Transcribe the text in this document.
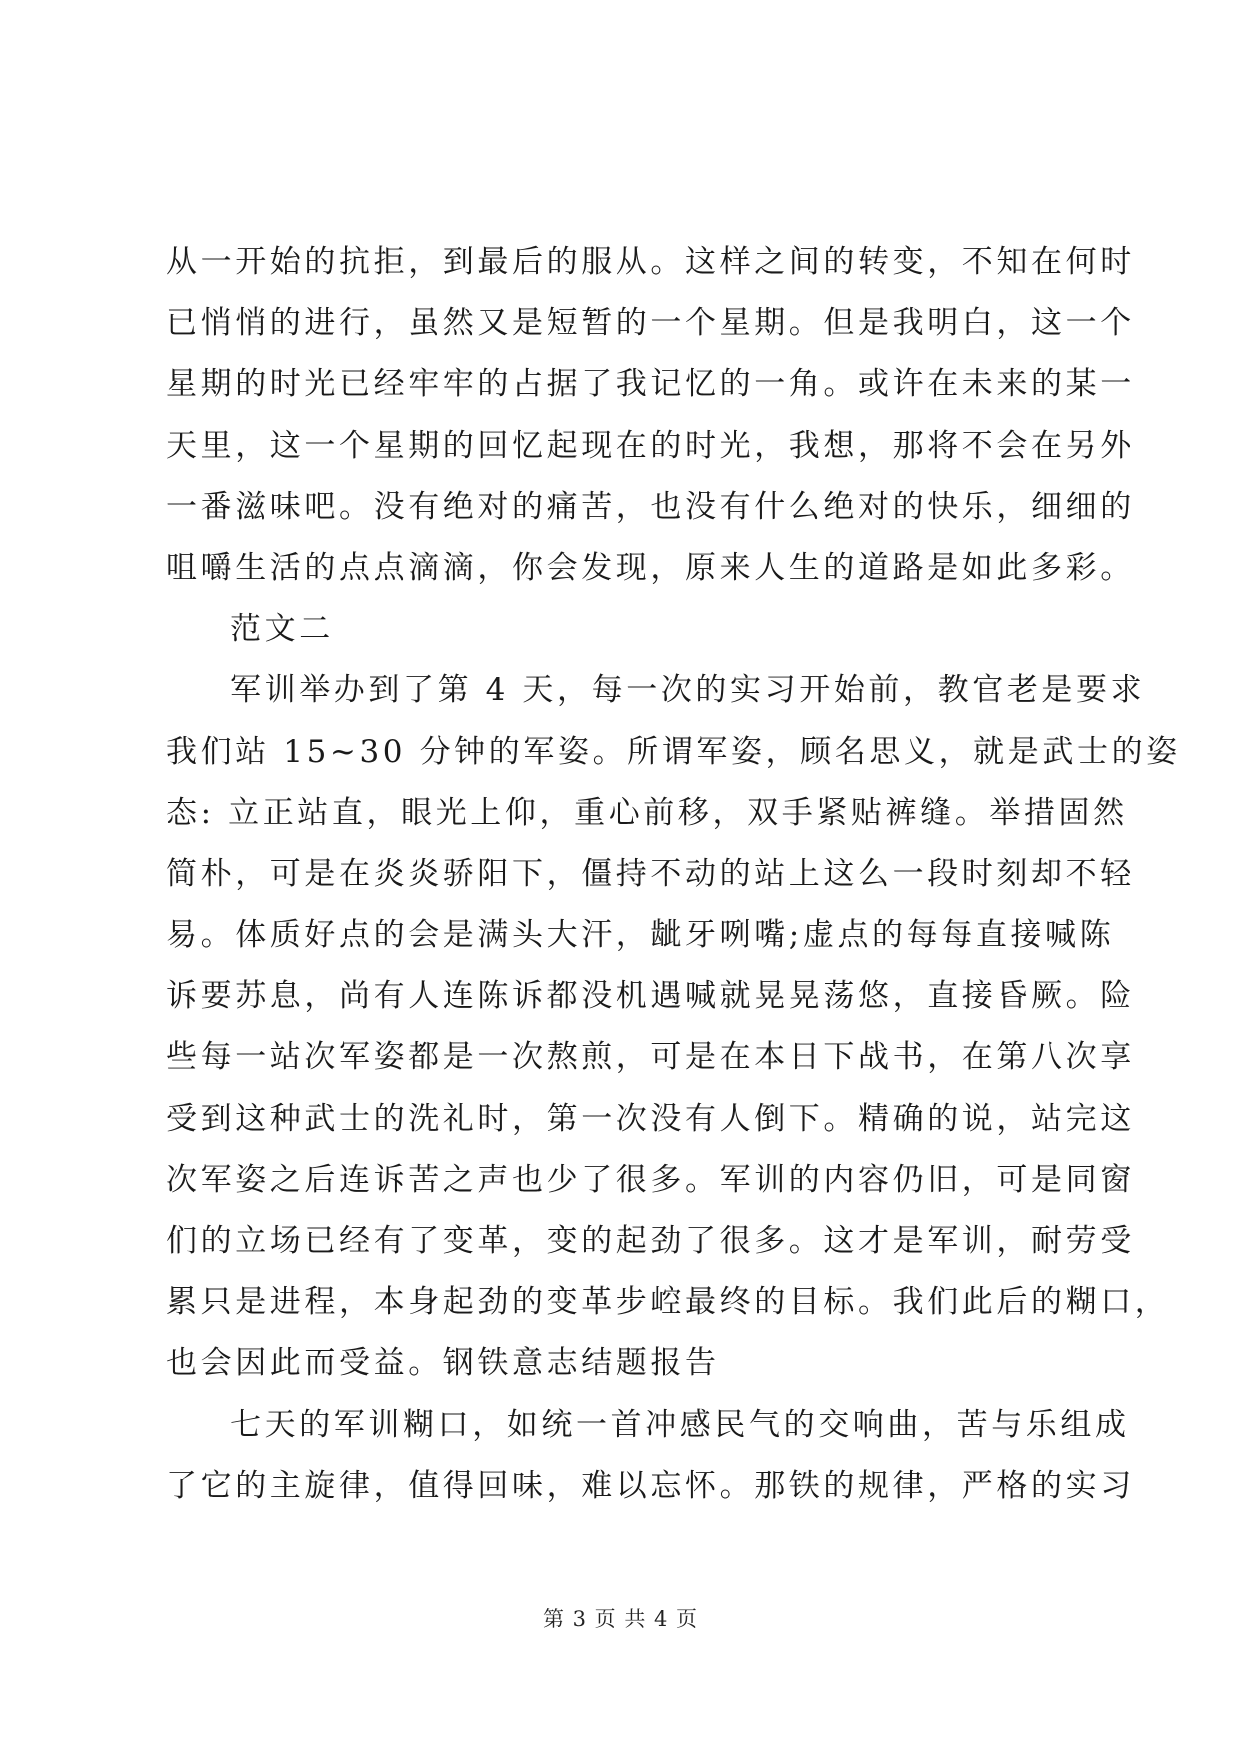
从一开始的抗拒，到最后的服从。这样之间的转变，不知在何时
已悄悄的进行，虽然又是短暂的一个星期。但是我明白，这一个
星期的时光已经牢牢的占据了我记忆的一角。或许在未来的某一
天里，这一个星期的回忆起现在的时光，我想，那将不会在另外
一番滋味吧。没有绝对的痛苦，也没有什么绝对的快乐，细细的
咀嚼生活的点点滴滴，你会发现，原来人生的道路是如此多彩。
范文二
军训举办到了第 4 天，每一次的实习开始前，教官老是要求
我们站 15~30 分钟的军姿。所谓军姿，顾名思义，就是武士的姿
态: 立正站直，眼光上仰，重心前移，双手紧贴裤缝。举措固然
简朴，可是在炎炎骄阳下，僵持不动的站上这么一段时刻却不轻
易。体质好点的会是满头大汗，龇牙咧嘴;虚点的每每直接喊陈
诉要苏息，尚有人连陈诉都没机遇喊就晃晃荡悠，直接昏厥。险
些每一站次军姿都是一次熬煎，可是在本日下战书，在第八次享
受到这种武士的洗礼时，第一次没有人倒下。精确的说，站完这
次军姿之后连诉苦之声也少了很多。军训的内容仍旧，可是同窗
们的立场已经有了变革，变的起劲了很多。这才是军训，耐劳受
累只是进程，本身起劲的变革步崆最终的目标。我们此后的糊口，
也会因此而受益。钢铁意志结题报告
七天的军训糊口，如统一首冲感民气的交响曲，苦与乐组成
了它的主旋律，值得回味，难以忘怀。那铁的规律，严格的实习
第 3 页 共 4 页
